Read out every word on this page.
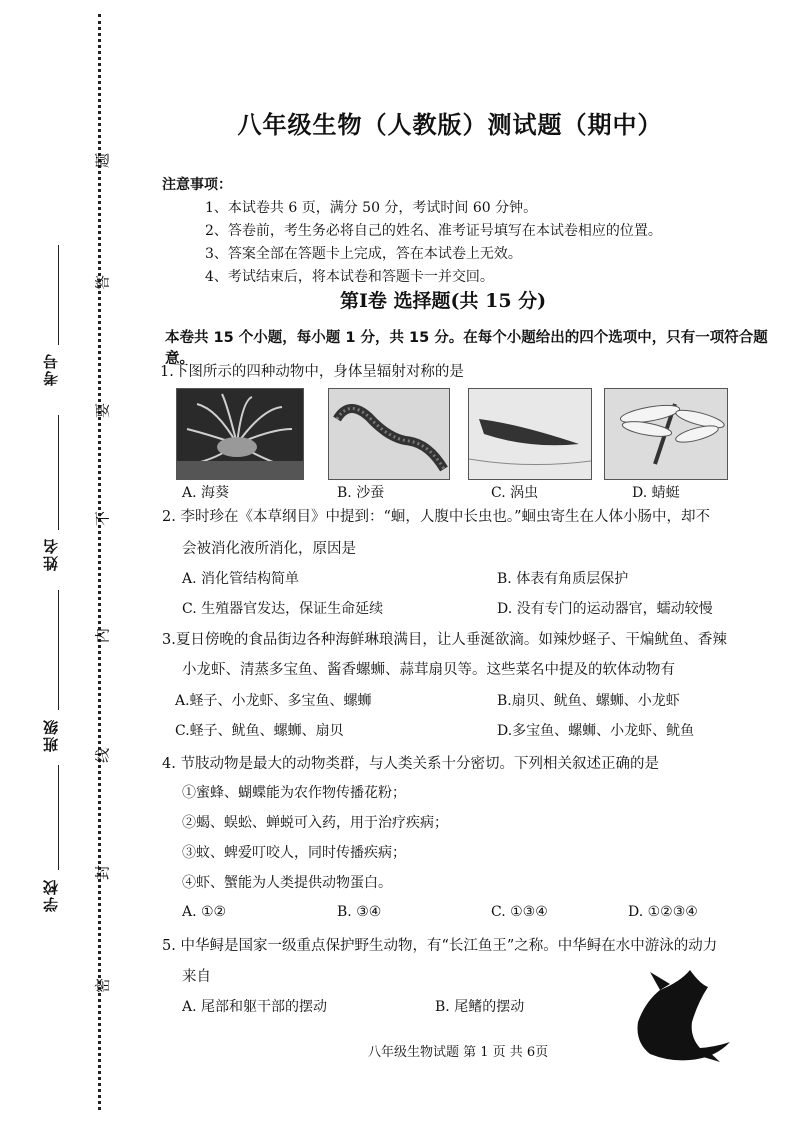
考号
姓名
班级
学校
题
答
要
不
内
线
封
密
八年级生物（人教版）测试题（期中）
注意事项：
1、本试卷共 6 页，满分 50 分，考试时间 60 分钟。
2、答卷前，考生务必将自己的姓名、准考证号填写在本试卷相应的位置。
3、答案全部在答题卡上完成，答在本试卷上无效。
4、考试结束后，将本试卷和答题卡一并交回。
第Ⅰ卷 选择题(共 15 分)
本卷共 15 个小题，每小题 1 分，共 15 分。在每个小题给出的四个选项中，只有一项符合题意。
1.下图所示的四种动物中，身体呈辐射对称的是
A. 海葵	B. 沙蚕	C. 涡虫	D. 蜻蜓
2. 李时珍在《本草纲目》中提到：“蛔，人腹中长虫也。”蛔虫寄生在人体小肠中，却不
会被消化液所消化，原因是
A. 消化管结构简单	B. 体表有角质层保护
C. 生殖器官发达，保证生命延续	D. 没有专门的运动器官，蠕动较慢
3.夏日傍晚的食品街边各种海鲜琳琅满目，让人垂涎欲滴。如辣炒蛏子、干煸鱿鱼、香辣
小龙虾、清蒸多宝鱼、酱香螺蛳、蒜茸扇贝等。这些菜名中提及的软体动物有
A.蛏子、小龙虾、多宝鱼、螺蛳	B.扇贝、鱿鱼、螺蛳、小龙虾
C.蛏子、鱿鱼、螺蛳、扇贝	D.多宝鱼、螺蛳、小龙虾、鱿鱼
4. 节肢动物是最大的动物类群，与人类关系十分密切。下列相关叙述正确的是
①蜜蜂、蝴蝶能为农作物传播花粉；
②蝎、蜈蚣、蝉蜕可入药，用于治疗疾病；
③蚊、蜱爱叮咬人，同时传播疾病；
④虾、蟹能为人类提供动物蛋白。
A. ①②	B. ③④	C. ①③④	D. ①②③④
5. 中华鲟是国家一级重点保护野生动物，有“长江鱼王”之称。中华鲟在水中游泳的动力
来自
A. 尾部和躯干部的摆动	B. 尾鳍的摆动
八年级生物试题 第 1 页 共 6页
